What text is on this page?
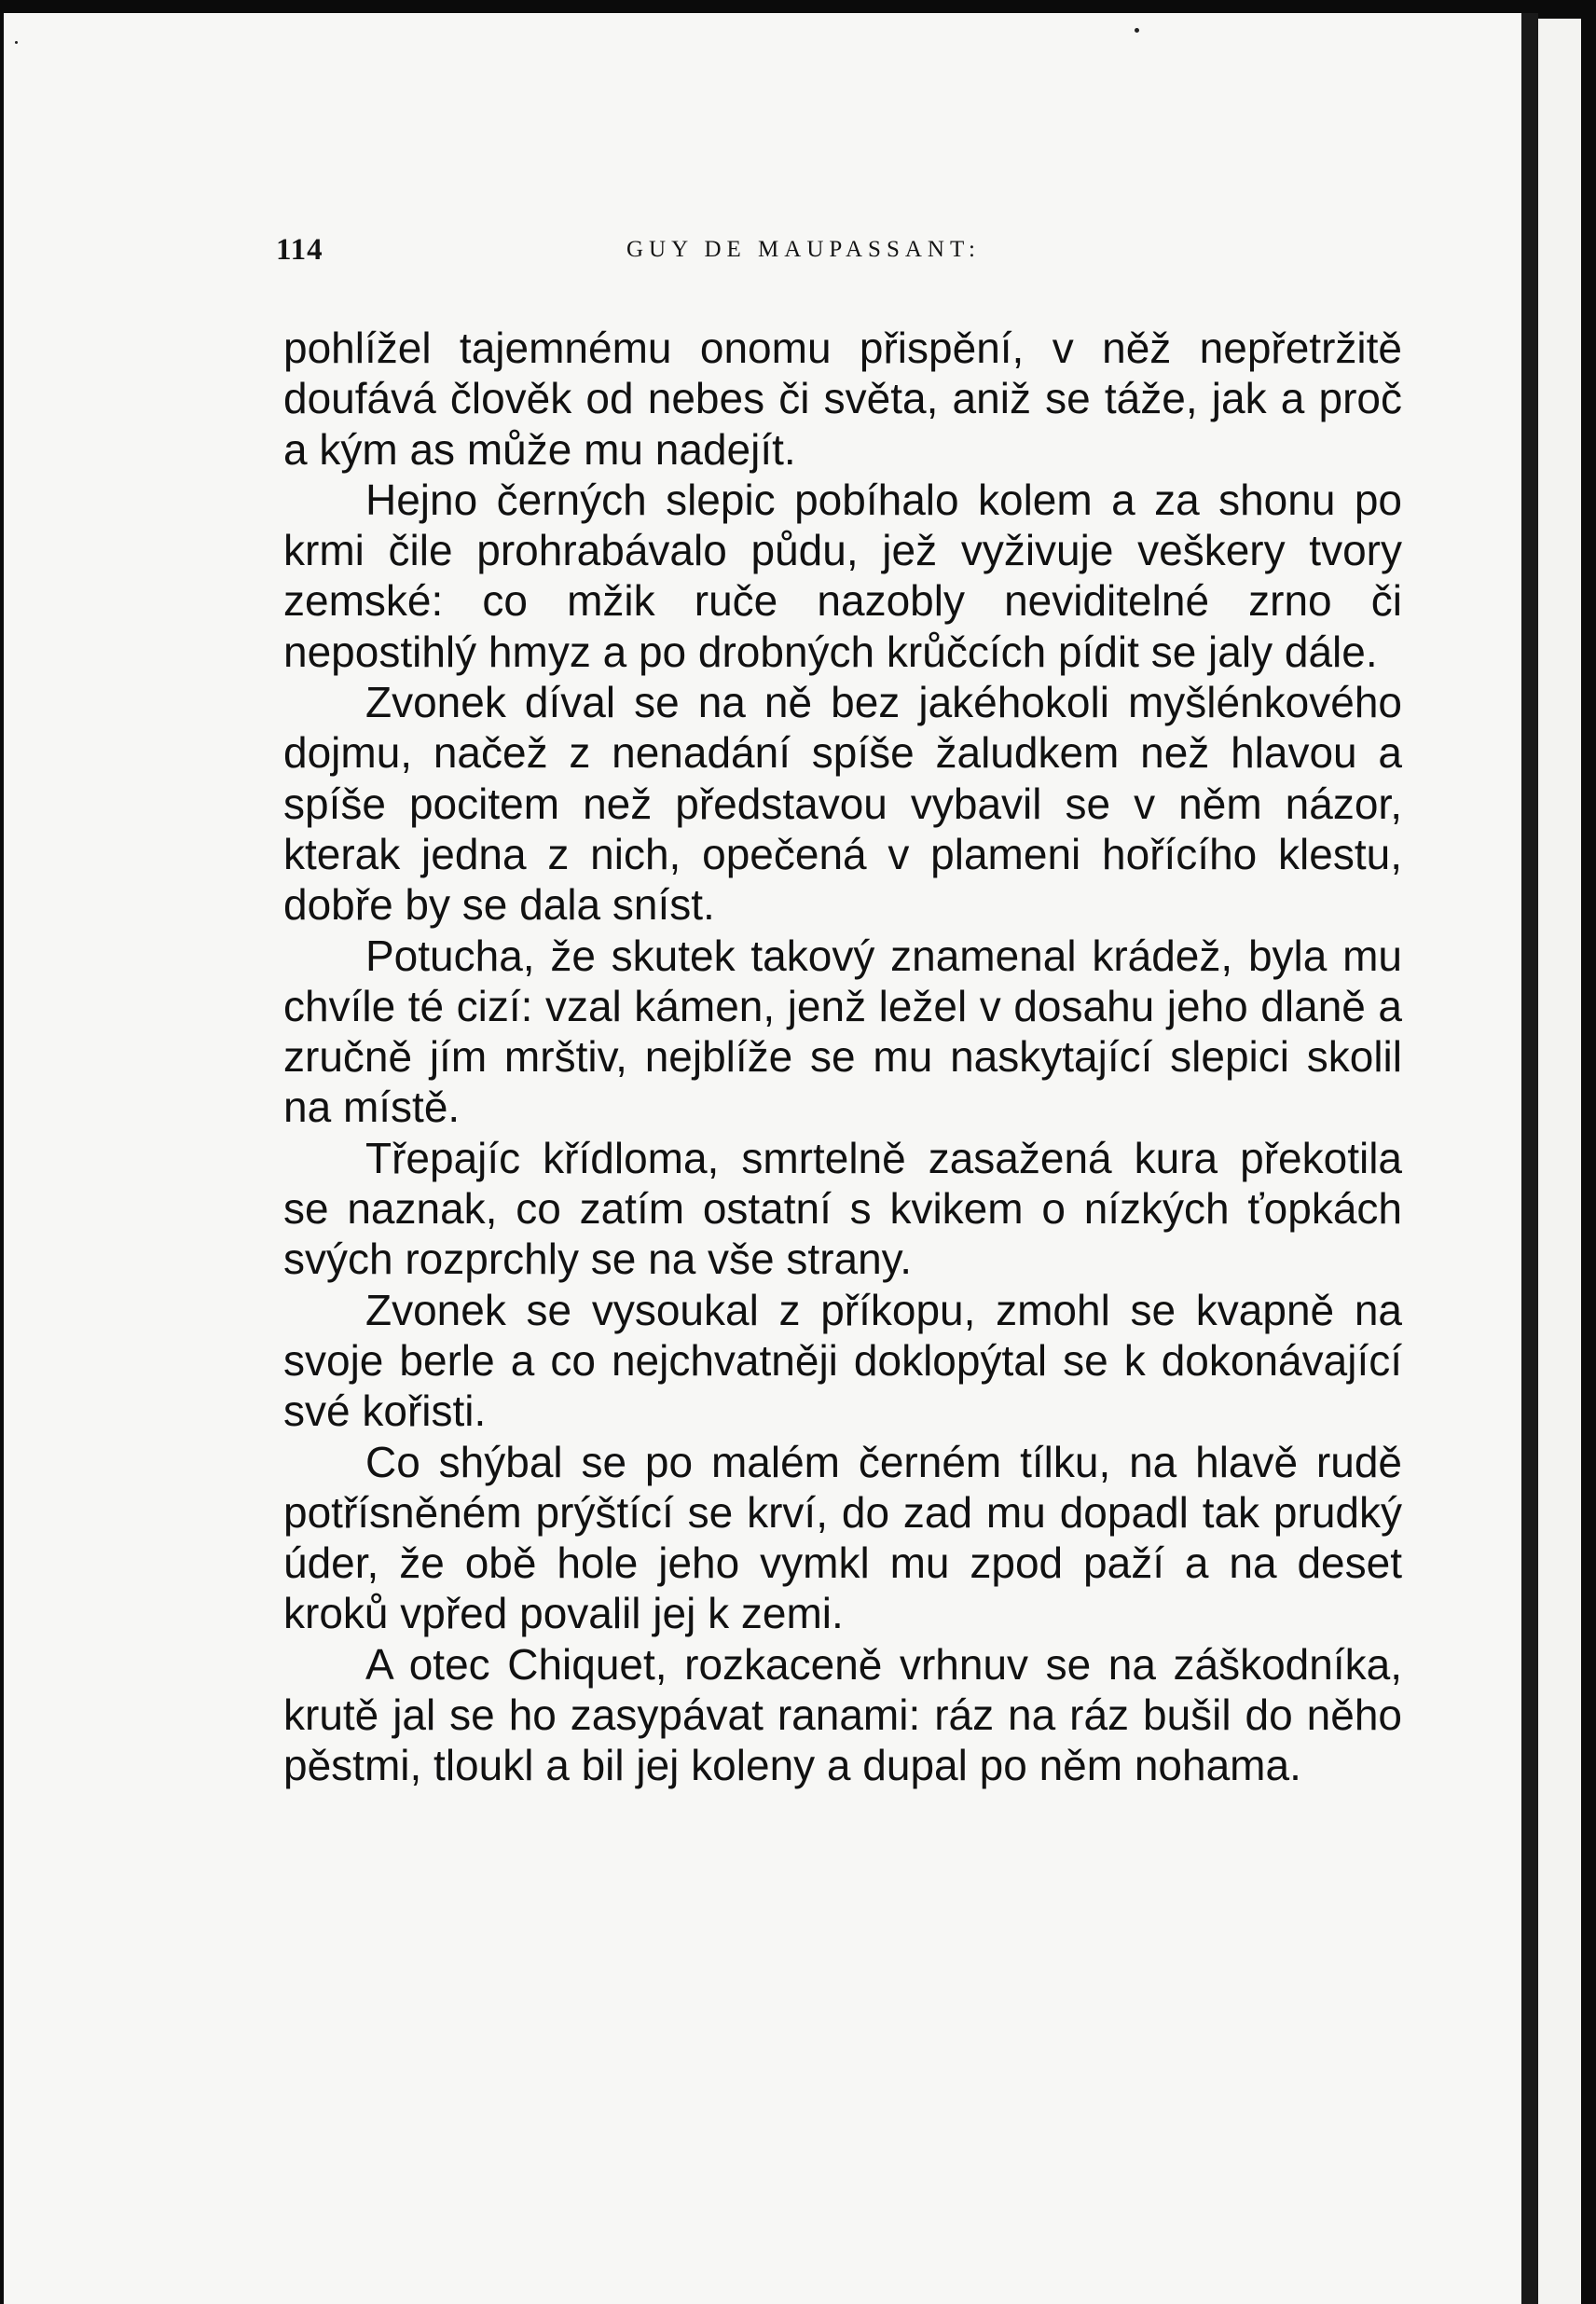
114	GUY DE MAUPASSANT:

pohlížel tajemnému onomu přispění, v něž nepřetržitě doufává člověk od nebes či světa, aniž se táže, jak a proč a kým as může mu nadejít.

Hejno černých slepic pobíhalo kolem a za shonu po krmi čile prohrabávalo půdu, jež vyživuje veškery tvory zemské: co mžik ruče nazobly neviditelné zrno či nepostihlý hmyz a po drobných krůčcích pídit se jaly dále.

Zvonek díval se na ně bez jakéhokoli myšlénkového dojmu, načež z nenadání spíše žaludkem než hlavou a spíše pocitem než představou vybavil se v něm názor, kterak jedna z nich, opečená v plameni hořícího klestu, dobře by se dala sníst.

Potucha, že skutek takový znamenal krádež, byla mu chvíle té cizí: vzal kámen, jenž ležel v dosahu jeho dlaně a zručně jím mrštiv, nejblíže se mu naskytající slepici skolil na místě.

Třepajíc křídloma, smrtelně zasažená kura překotila se naznak, co zatím ostatní s kvikem o nízkých ťopkách svých rozprchly se na vše strany.

Zvonek se vysoukal z příkopu, zmohl se kvapně na svoje berle a co nejchvatněji doklopýtal se k dokonávající své kořisti.

Co shýbal se po malém černém tílku, na hlavě rudě potřísněném prýštící se krví, do zad mu dopadl tak prudký úder, že obě hole jeho vymkl mu zpod paží a na deset kroků vpřed povalil jej k zemi.

A otec Chiquet, rozkaceně vrhnuv se na záškodníka, krutě jal se ho zasypávat ranami: ráz na ráz bušil do něho pěstmi, tloukl a bil jej koleny a dupal po něm nohama.
